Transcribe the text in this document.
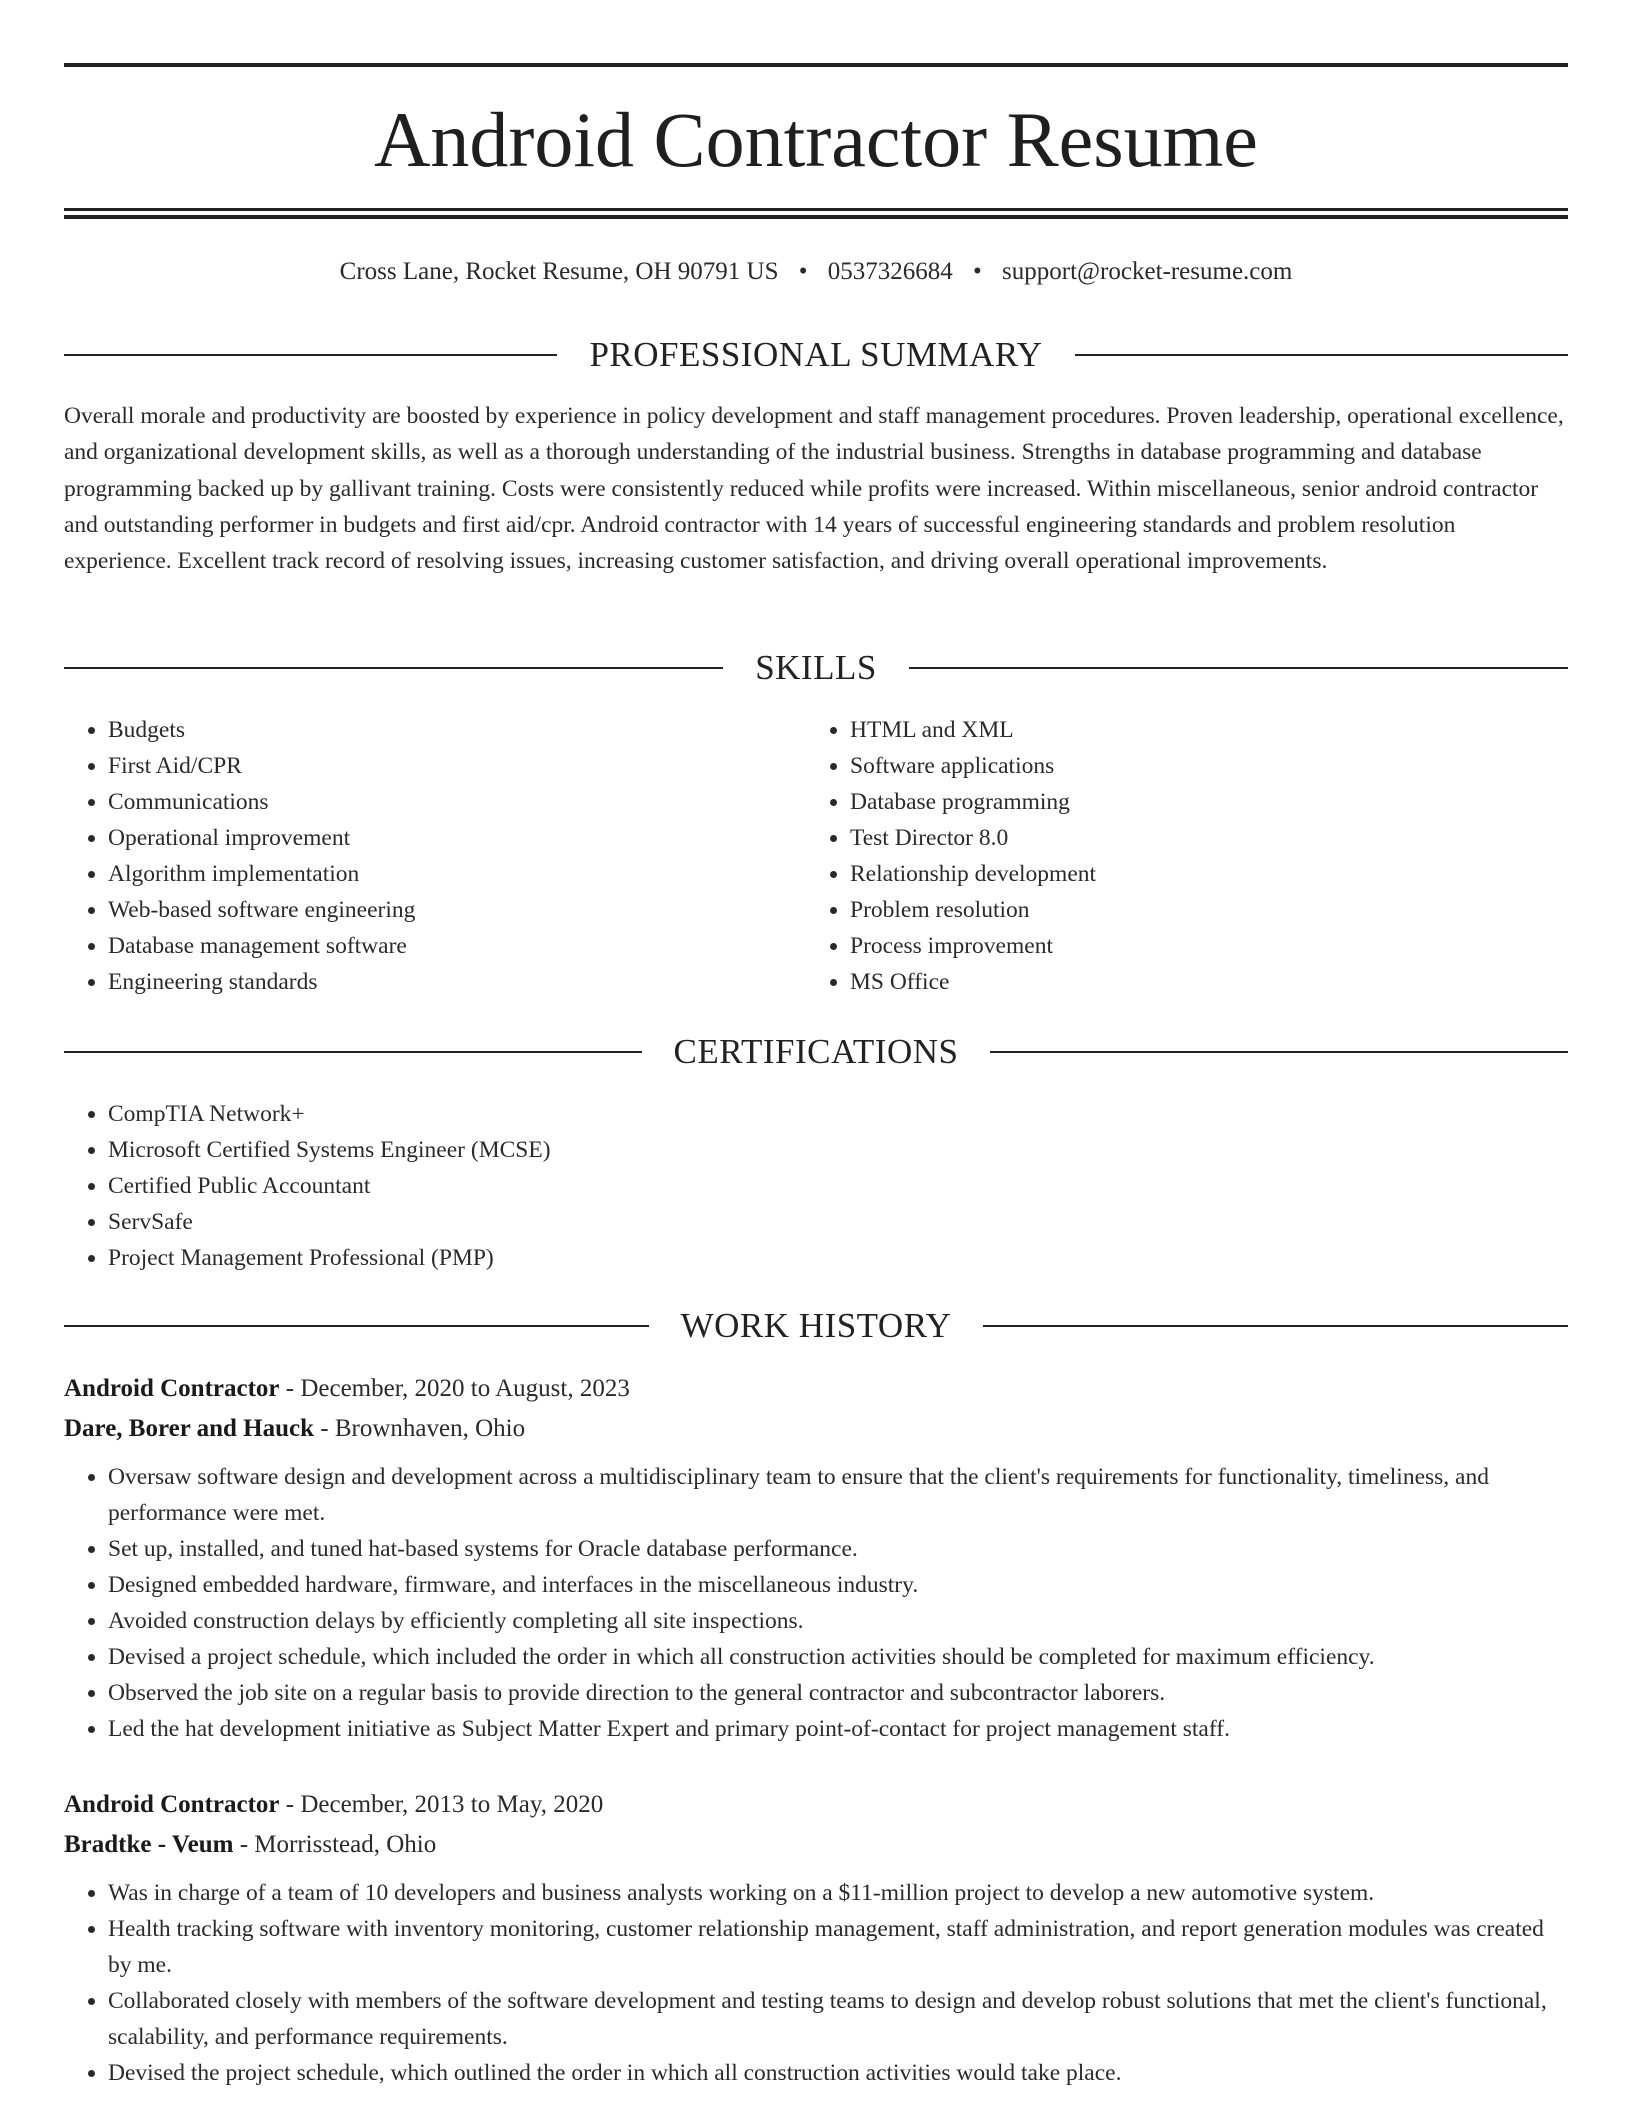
Android Contractor Resume
Cross Lane, Rocket Resume, OH 90791 US • 0537326684 • support@rocket-resume.com
PROFESSIONAL SUMMARY

Overall morale and productivity are boosted by experience in policy development and staff management procedures. Proven leadership, operational excellence, and organizational development skills, as well as a thorough understanding of the industrial business. Strengths in database programming and database programming backed up by gallivant training. Costs were consistently reduced while profits were increased. Within miscellaneous, senior android contractor and outstanding performer in budgets and first aid/cpr. Android contractor with 14 years of successful engineering standards and problem resolution experience. Excellent track record of resolving issues, increasing customer satisfaction, and driving overall operational improvements.

SKILLS
• Budgets
• First Aid/CPR
• Communications
• Operational improvement
• Algorithm implementation
• Web-based software engineering
• Database management software
• Engineering standards
• HTML and XML
• Software applications
• Database programming
• Test Director 8.0
• Relationship development
• Problem resolution
• Process improvement
• MS Office
CERTIFICATIONS
• CompTIA Network+
• Microsoft Certified Systems Engineer (MCSE)
• Certified Public Accountant
• ServSafe
• Project Management Professional (PMP)
WORK HISTORY
Android Contractor - December, 2020 to August, 2023
Dare, Borer and Hauck - Brownhaven, Ohio
• Oversaw software design and development across a multidisciplinary team to ensure that the client's requirements for functionality, timeliness, and performance were met.
• Set up, installed, and tuned hat-based systems for Oracle database performance.
• Designed embedded hardware, firmware, and interfaces in the miscellaneous industry.
• Avoided construction delays by efficiently completing all site inspections.
• Devised a project schedule, which included the order in which all construction activities should be completed for maximum efficiency.
• Observed the job site on a regular basis to provide direction to the general contractor and subcontractor laborers.
• Led the hat development initiative as Subject Matter Expert and primary point-of-contact for project management staff.
Android Contractor - December, 2013 to May, 2020
Bradtke - Veum - Morrisstead, Ohio
• Was in charge of a team of 10 developers and business analysts working on a $11-million project to develop a new automotive system.
• Health tracking software with inventory monitoring, customer relationship management, staff administration, and report generation modules was created by me.
• Collaborated closely with members of the software development and testing teams to design and develop robust solutions that met the client's functional, scalability, and performance requirements.
• Devised the project schedule, which outlined the order in which all construction activities would take place.
